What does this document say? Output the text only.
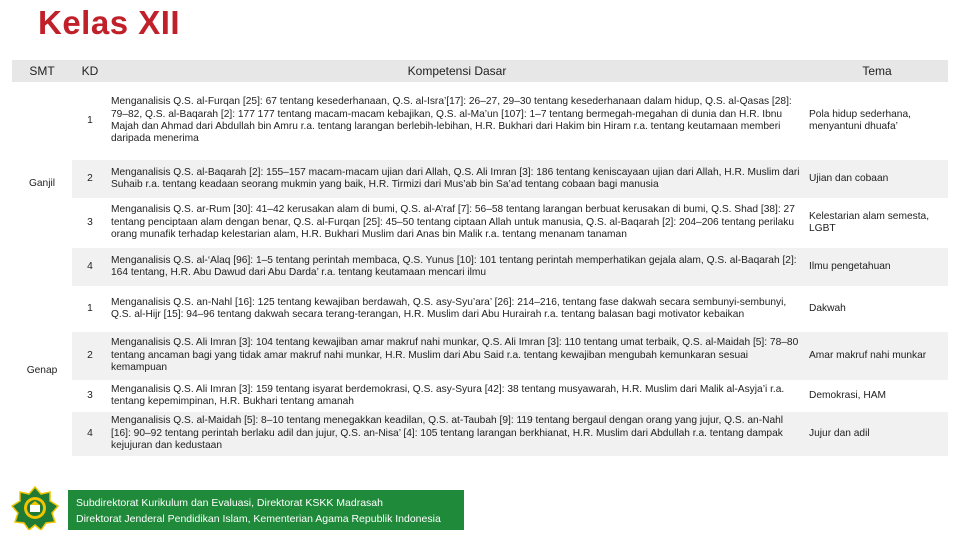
Kelas XII
SMT	KD	Kompetensi Dasar	Tema
Ganjil	1	Menganalisis Q.S. al-Furqan [25]: 67 tentang kesederhanaan, Q.S. al-Isra’[17]: 26–27, 29–30 tentang kesederhanaan dalam hidup, Q.S. al-Qasas [28]: 79–82, Q.S. al-Baqarah [2]: 177 177 tentang macam-macam kebajikan, Q.S. al-Ma’un [107]: 1–7 tentang bermegah-megahan di dunia dan H.R. Ibnu Majah dan Ahmad dari Abdullah bin Amru r.a. tentang larangan berlebih-lebihan, H.R. Bukhari dari Hakim bin Hiram r.a. tentang keutamaan memberi daripada menerima	Pola hidup sederhana, menyantuni dhuafa’
	2	Menganalisis Q.S. al-Baqarah [2]: 155–157 macam-macam ujian dari Allah, Q.S. Ali Imran [3]: 186 tentang keniscayaan ujian dari Allah, H.R. Muslim dari Suhaib r.a. tentang keadaan seorang mukmin yang baik, H.R. Tirmizi dari Mus’ab bin Sa’ad tentang cobaan bagi manusia	Ujian dan cobaan
	3	Menganalisis Q.S. ar-Rum [30]: 41–42 kerusakan alam di bumi, Q.S. al-A’raf [7]: 56–58 tentang larangan berbuat kerusakan di bumi, Q.S. Shad [38]: 27 tentang penciptaan alam dengan benar, Q.S. al-Furqan [25]: 45–50 tentang ciptaan Allah untuk manusia, Q.S. al-Baqarah [2]: 204–206 tentang perilaku orang munafik terhadap kelestarian alam, H.R. Bukhari Muslim dari Anas bin Malik r.a. tentang menanam tanaman	Kelestarian alam semesta, LGBT
	4	Menganalisis Q.S. al-‘Alaq [96]: 1–5 tentang perintah membaca, Q.S. Yunus [10]: 101 tentang perintah memperhatikan gejala alam, Q.S. al-Baqarah [2]: 164 tentang, H.R. Abu Dawud dari Abu Darda’ r.a. tentang keutamaan mencari ilmu	Ilmu pengetahuan
Genap	1	Menganalisis Q.S. an-Nahl [16]: 125 tentang kewajiban berdawah, Q.S. asy-Syu’ara’ [26]: 214–216, tentang fase dakwah secara sembunyi-sembunyi, Q.S. al-Hijr [15]: 94–96 tentang dakwah secara terang-terangan, H.R. Muslim dari Abu Hurairah r.a. tentang balasan bagi motivator kebaikan	Dakwah
	2	Menganalisis Q.S. Ali Imran [3]: 104 tentang kewajiban amar makruf nahi munkar, Q.S. Ali Imran [3]: 110 tentang umat terbaik, Q.S. al-Maidah [5]: 78–80 tentang ancaman bagi yang tidak amar makruf nahi munkar, H.R. Muslim dari Abu Said r.a. tentang kewajiban mengubah kemunkaran sesuai kemampuan	Amar makruf nahi munkar
	3	Menganalisis Q.S. Ali Imran [3]: 159 tentang isyarat berdemokrasi, Q.S. asy-Syura [42]: 38 tentang musyawarah, H.R. Muslim dari Malik al-Asyja’i r.a. tentang kepemimpinan, H.R. Bukhari tentang amanah	Demokrasi, HAM
	4	Menganalisis Q.S. al-Maidah [5]: 8–10 tentang menegakkan keadilan, Q.S. at-Taubah [9]: 119 tentang bergaul dengan orang yang jujur, Q.S. an-Nahl [16]: 90–92 tentang perintah berlaku adil dan jujur, Q.S. an-Nisa’ [4]: 105 tentang larangan berkhianat, H.R. Muslim dari Abdullah r.a. tentang dampak kejujuran dan kedustaan	Jujur dan adil
Subdirektorat Kurikulum dan Evaluasi, Direktorat KSKK Madrasah
Direktorat Jenderal Pendidikan Islam, Kementerian Agama Republik Indonesia
